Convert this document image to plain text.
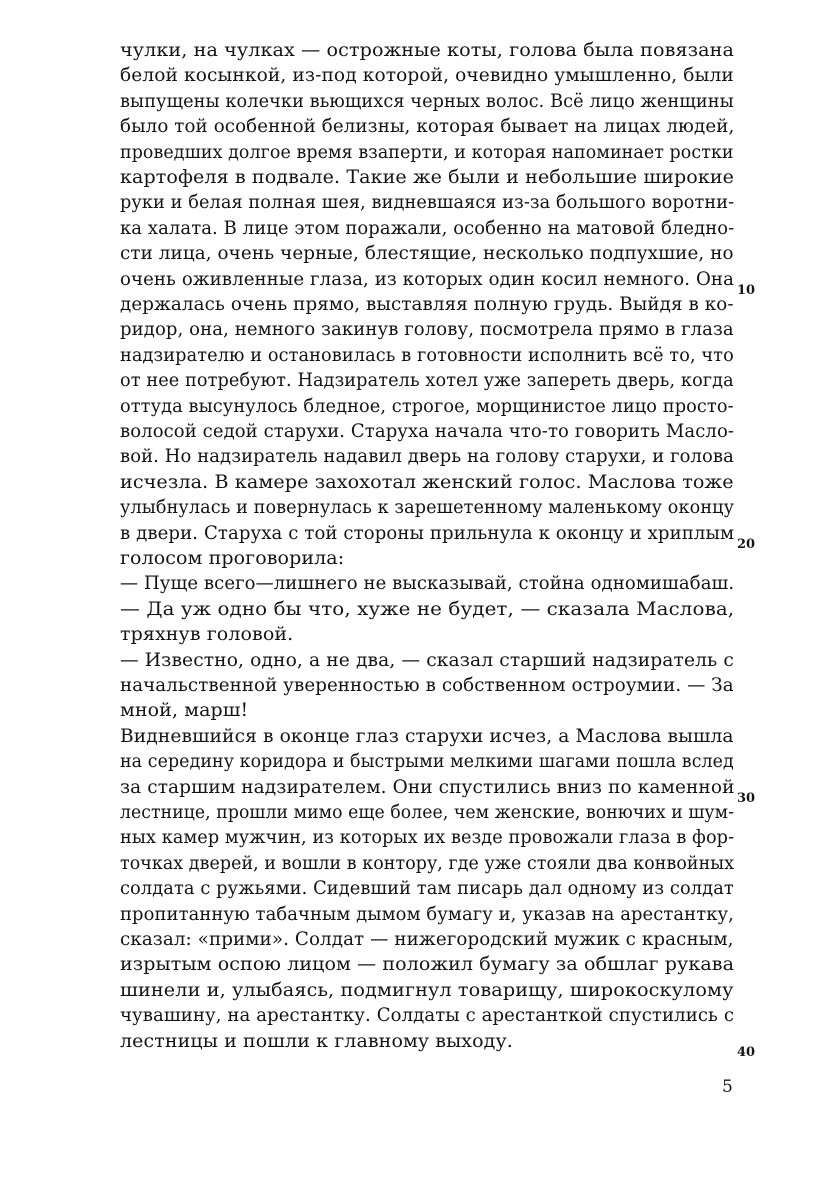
чулки, на чулках — острожные коты, голова была повязана
белой косынкой, из-под которой, очевидно умышленно, были
выпущены колечки вьющихся черных волос. Всё лицо женщины
было той особенной белизны, которая бывает на лицах людей,
проведших долгое время взаперти, и которая напоминает ростки
картофеля в подвале. Такие же были и небольшие широкие
руки и белая полная шея, видневшаяся из-за большого воротни-
ка халата. В лице этом поражали, особенно на матовой бледно-
сти лица, очень черные, блестящие, несколько подпухшие, но
очень оживленные глаза, из которых один косил немного. Она
держалась очень прямо, выставляя полную грудь. Выйдя в ко-
ридор, она, немного закинув голову, посмотрела прямо в глаза
надзирателю и остановилась в готовности исполнить всё то, что
от нее потребуют. Надзиратель хотел уже запереть дверь, когда
оттуда высунулось бледное, строгое, морщинистое лицо просто-
волосой седой старухи. Старуха начала что-то говорить Масло-
вой. Но надзиратель надавил дверь на голову старухи, и голова
исчезла. В камере захохотал женский голос. Маслова тоже
улыбнулась и повернулась к зарешетенному маленькому оконцу
в двери. Старуха с той стороны прильнула к оконцу и хриплым
голосом проговорила:
— Пуще всего—лишнего не высказывай, стойна одномишабаш.
— Да уж одно бы что, хуже не будет, — сказала Маслова,
тряхнув головой.
— Известно, одно, а не два, — сказал старший надзиратель с
начальственной уверенностью в собственном остроумии. — За
мной, марш!
Видневшийся в оконце глаз старухи исчез, а Маслова вышла
на середину коридора и быстрыми мелкими шагами пошла вслед
за старшим надзирателем. Они спустились вниз по каменной
лестнице, прошли мимо еще более, чем женские, вонючих и шум-
ных камер мужчин, из которых их везде провожали глаза в фор-
точках дверей, и вошли в контору, где уже стояли два конвойных
солдата с ружьями. Сидевший там писарь дал одному из солдат
пропитанную табачным дымом бумагу и, указав на арестантку,
сказал: «прими». Солдат — нижегородский мужик с красным,
изрытым оспою лицом — положил бумагу за обшлаг рукава
шинели и, улыбаясь, подмигнул товарищу, широкоскулому
чувашину, на арестантку. Солдаты с арестанткой спустились с
лестницы и пошли к главному выходу.
10
20
30
40
5
